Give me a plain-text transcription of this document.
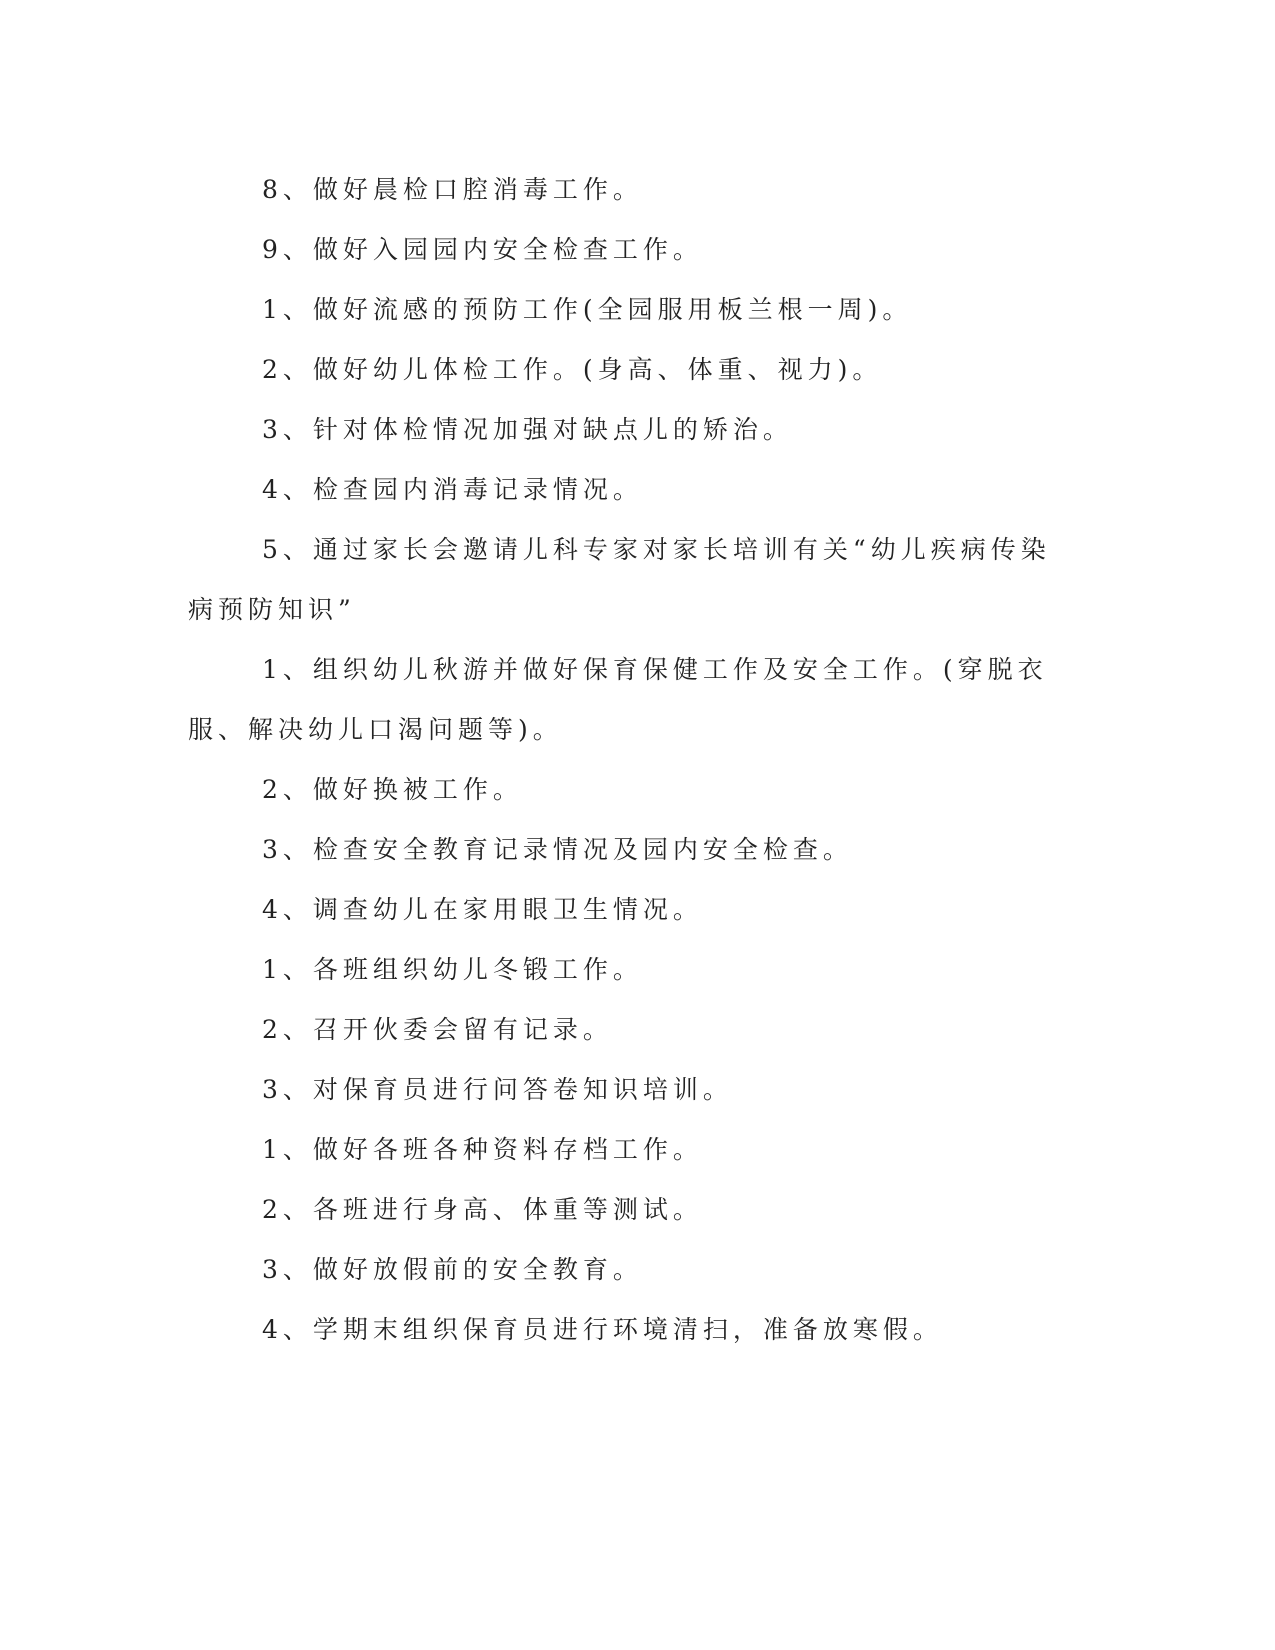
8、做好晨检口腔消毒工作。

9、做好入园园内安全检查工作。

1、做好流感的预防工作(全园服用板兰根一周)。

2、做好幼儿体检工作。(身高、体重、视力)。

3、针对体检情况加强对缺点儿的矫治。

4、检查园内消毒记录情况。

5、通过家长会邀请儿科专家对家长培训有关“幼儿疾病传染病预防知识”

1、组织幼儿秋游并做好保育保健工作及安全工作。(穿脱衣服、解决幼儿口渴问题等)。

2、做好换被工作。

3、检查安全教育记录情况及园内安全检查。

4、调查幼儿在家用眼卫生情况。

1、各班组织幼儿冬锻工作。

2、召开伙委会留有记录。

3、对保育员进行问答卷知识培训。

1、做好各班各种资料存档工作。

2、各班进行身高、体重等测试。

3、做好放假前的安全教育。

4、学期末组织保育员进行环境清扫，准备放寒假。
